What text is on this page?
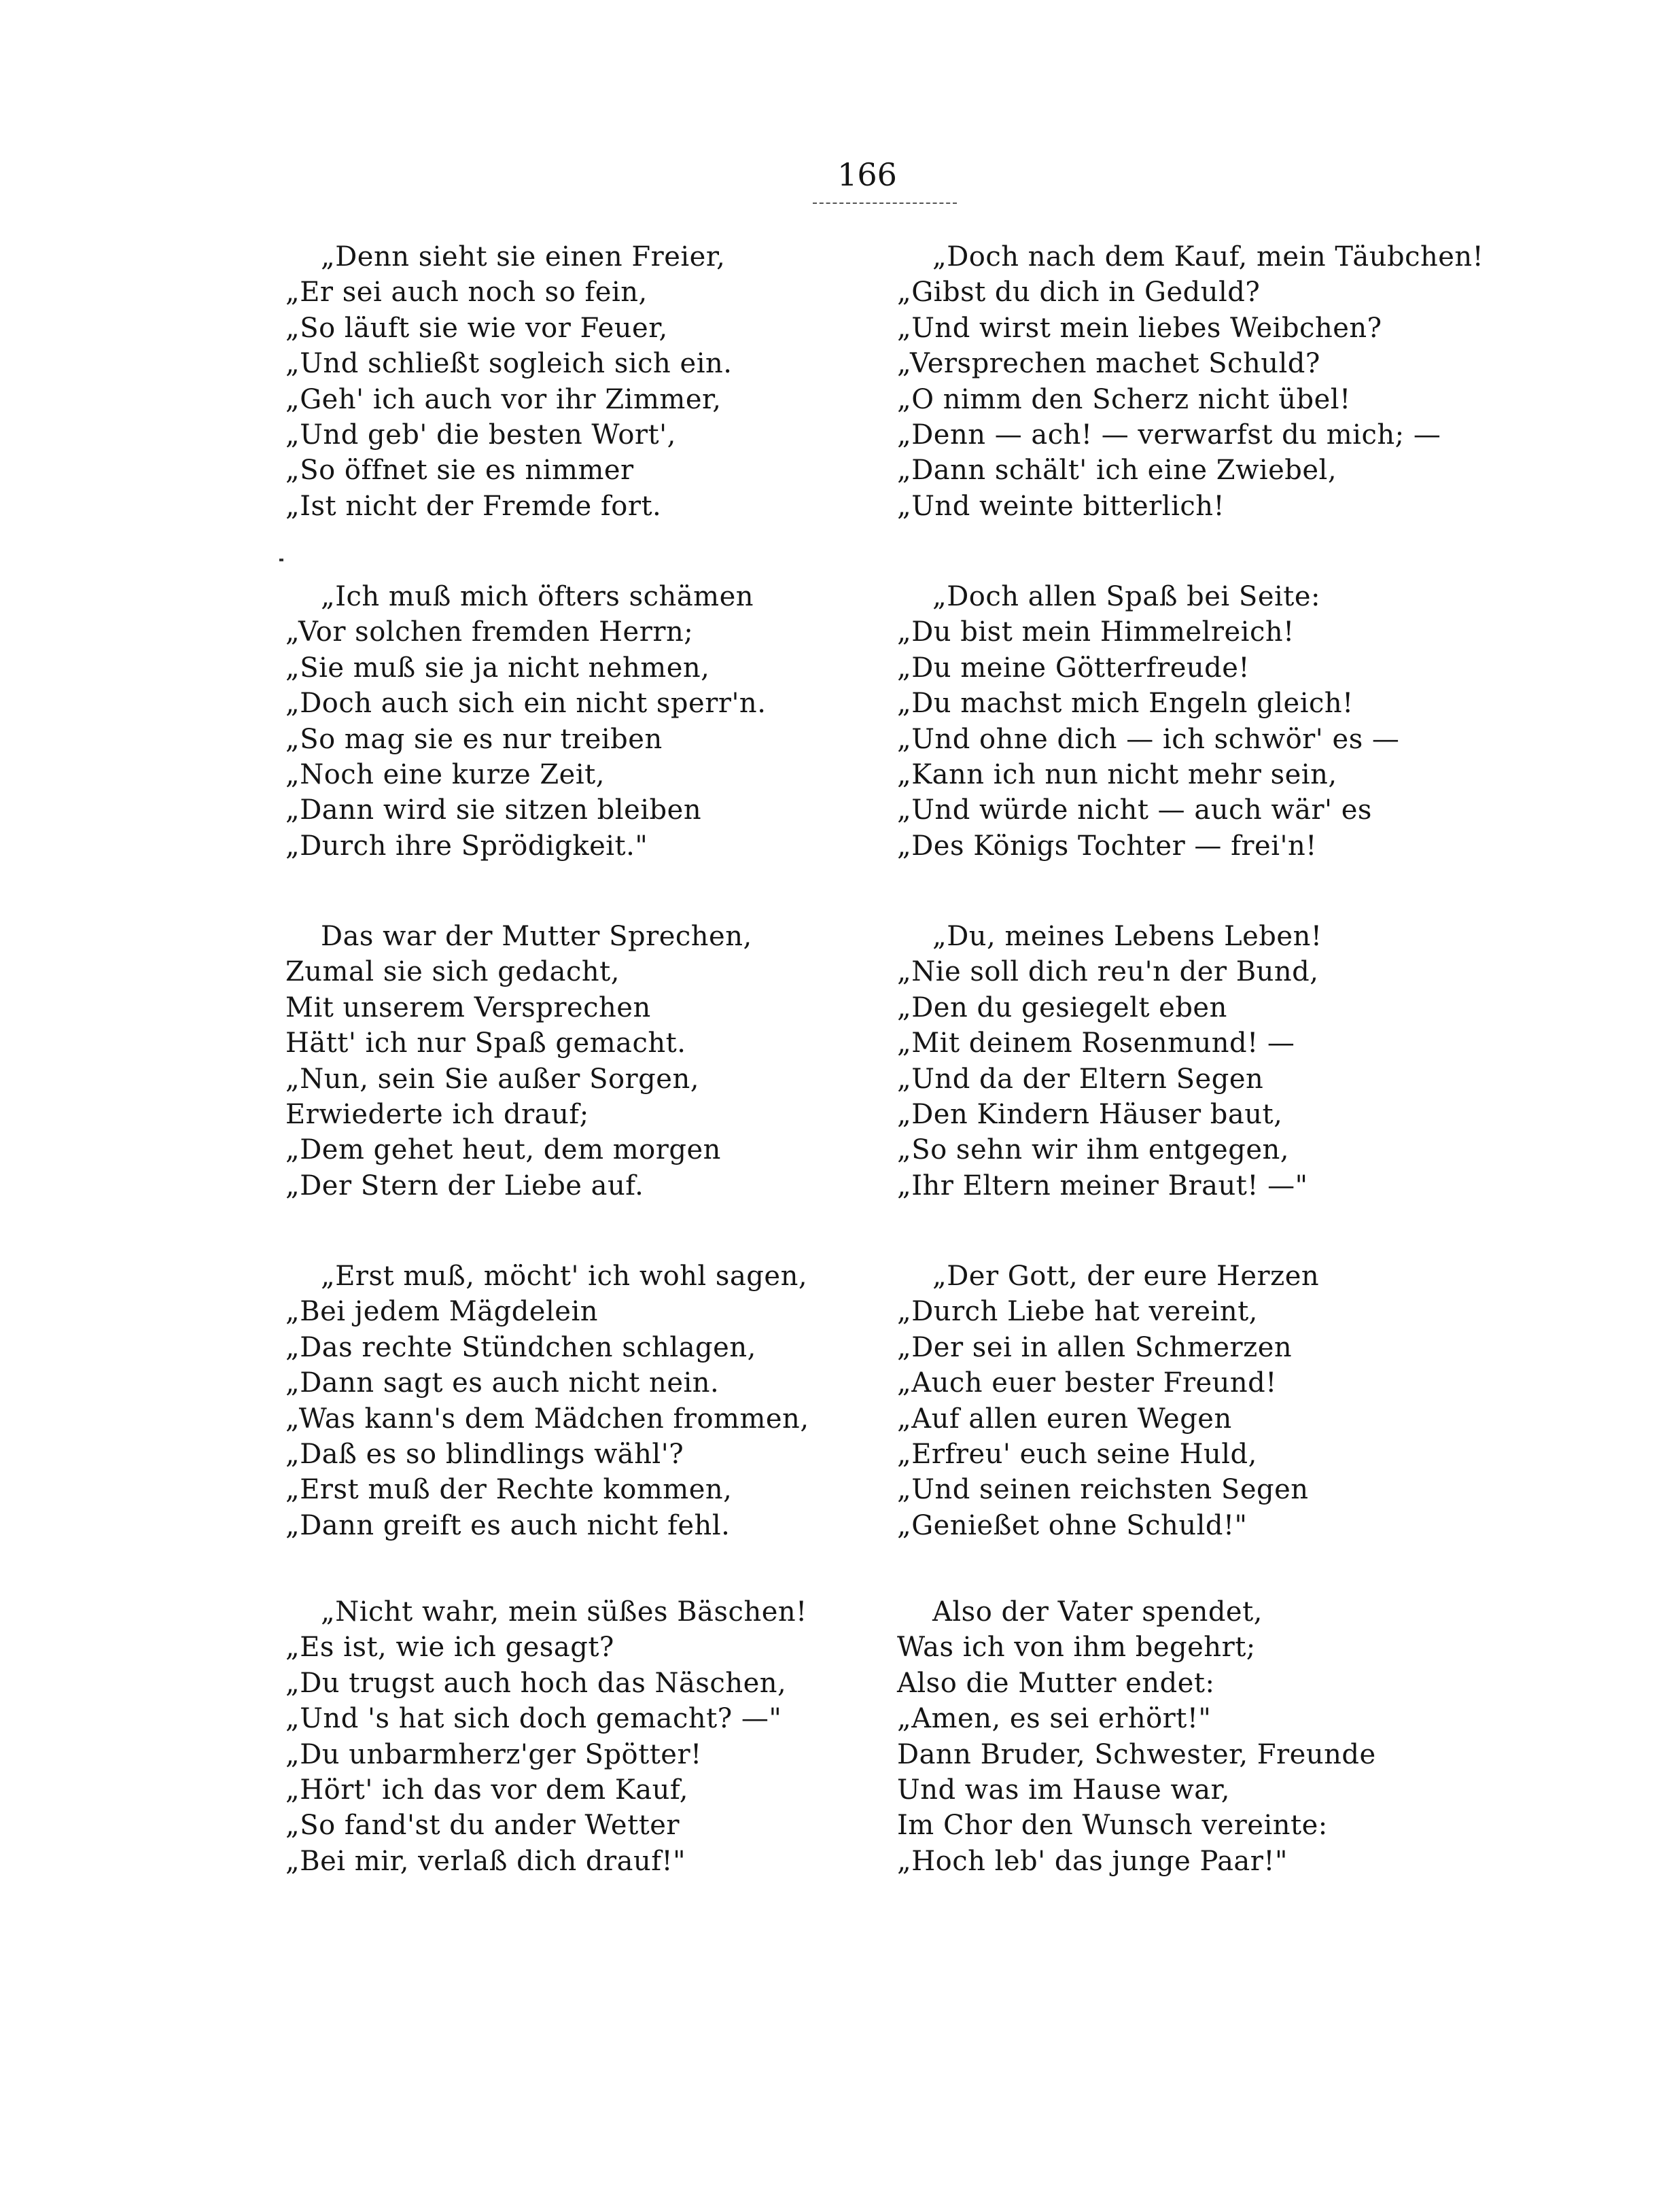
166
„Denn sieht sie einen Freier,
„Er sei auch noch so fein,
„So läuft sie wie vor Feuer,
„Und schließt sogleich sich ein.
„Geh' ich auch vor ihr Zimmer,
„Und geb' die besten Wort',
„So öffnet sie es nimmer
„Ist nicht der Fremde fort.
„Ich muß mich öfters schämen
„Vor solchen fremden Herrn;
„Sie muß sie ja nicht nehmen,
„Doch auch sich ein nicht sperr'n.
„So mag sie es nur treiben
„Noch eine kurze Zeit,
„Dann wird sie sitzen bleiben
„Durch ihre Sprödigkeit."
Das war der Mutter Sprechen,
Zumal sie sich gedacht,
Mit unserem Versprechen
Hätt' ich nur Spaß gemacht.
„Nun, sein Sie außer Sorgen,
Erwiederte ich drauf;
„Dem gehet heut, dem morgen
„Der Stern der Liebe auf.
„Erst muß, möcht' ich wohl sagen,
„Bei jedem Mägdelein
„Das rechte Stündchen schlagen,
„Dann sagt es auch nicht nein.
„Was kann's dem Mädchen frommen,
„Daß es so blindlings wähl'?
„Erst muß der Rechte kommen,
„Dann greift es auch nicht fehl.
„Nicht wahr, mein süßes Bäschen!
„Es ist, wie ich gesagt?
„Du trugst auch hoch das Näschen,
„Und 's hat sich doch gemacht? —"
„Du unbarmherz'ger Spötter!
„Hört' ich das vor dem Kauf,
„So fand'st du ander Wetter
„Bei mir, verlaß dich drauf!"
„Doch nach dem Kauf, mein Täubchen!
„Gibst du dich in Geduld?
„Und wirst mein liebes Weibchen?
„Versprechen machet Schuld?
„O nimm den Scherz nicht übel!
„Denn — ach! — verwarfst du mich; —
„Dann schält' ich eine Zwiebel,
„Und weinte bitterlich!
„Doch allen Spaß bei Seite:
„Du bist mein Himmelreich!
„Du meine Götterfreude!
„Du machst mich Engeln gleich!
„Und ohne dich — ich schwör' es —
„Kann ich nun nicht mehr sein,
„Und würde nicht — auch wär' es
„Des Königs Tochter — frei'n!
„Du, meines Lebens Leben!
„Nie soll dich reu'n der Bund,
„Den du gesiegelt eben
„Mit deinem Rosenmund! —
„Und da der Eltern Segen
„Den Kindern Häuser baut,
„So sehn wir ihm entgegen,
„Ihr Eltern meiner Braut! —"
„Der Gott, der eure Herzen
„Durch Liebe hat vereint,
„Der sei in allen Schmerzen
„Auch euer bester Freund!
„Auf allen euren Wegen
„Erfreu' euch seine Huld,
„Und seinen reichsten Segen
„Genießet ohne Schuld!"
Also der Vater spendet,
Was ich von ihm begehrt;
Also die Mutter endet:
„Amen, es sei erhört!"
Dann Bruder, Schwester, Freunde
Und was im Hause war,
Im Chor den Wunsch vereinte:
„Hoch leb' das junge Paar!"
